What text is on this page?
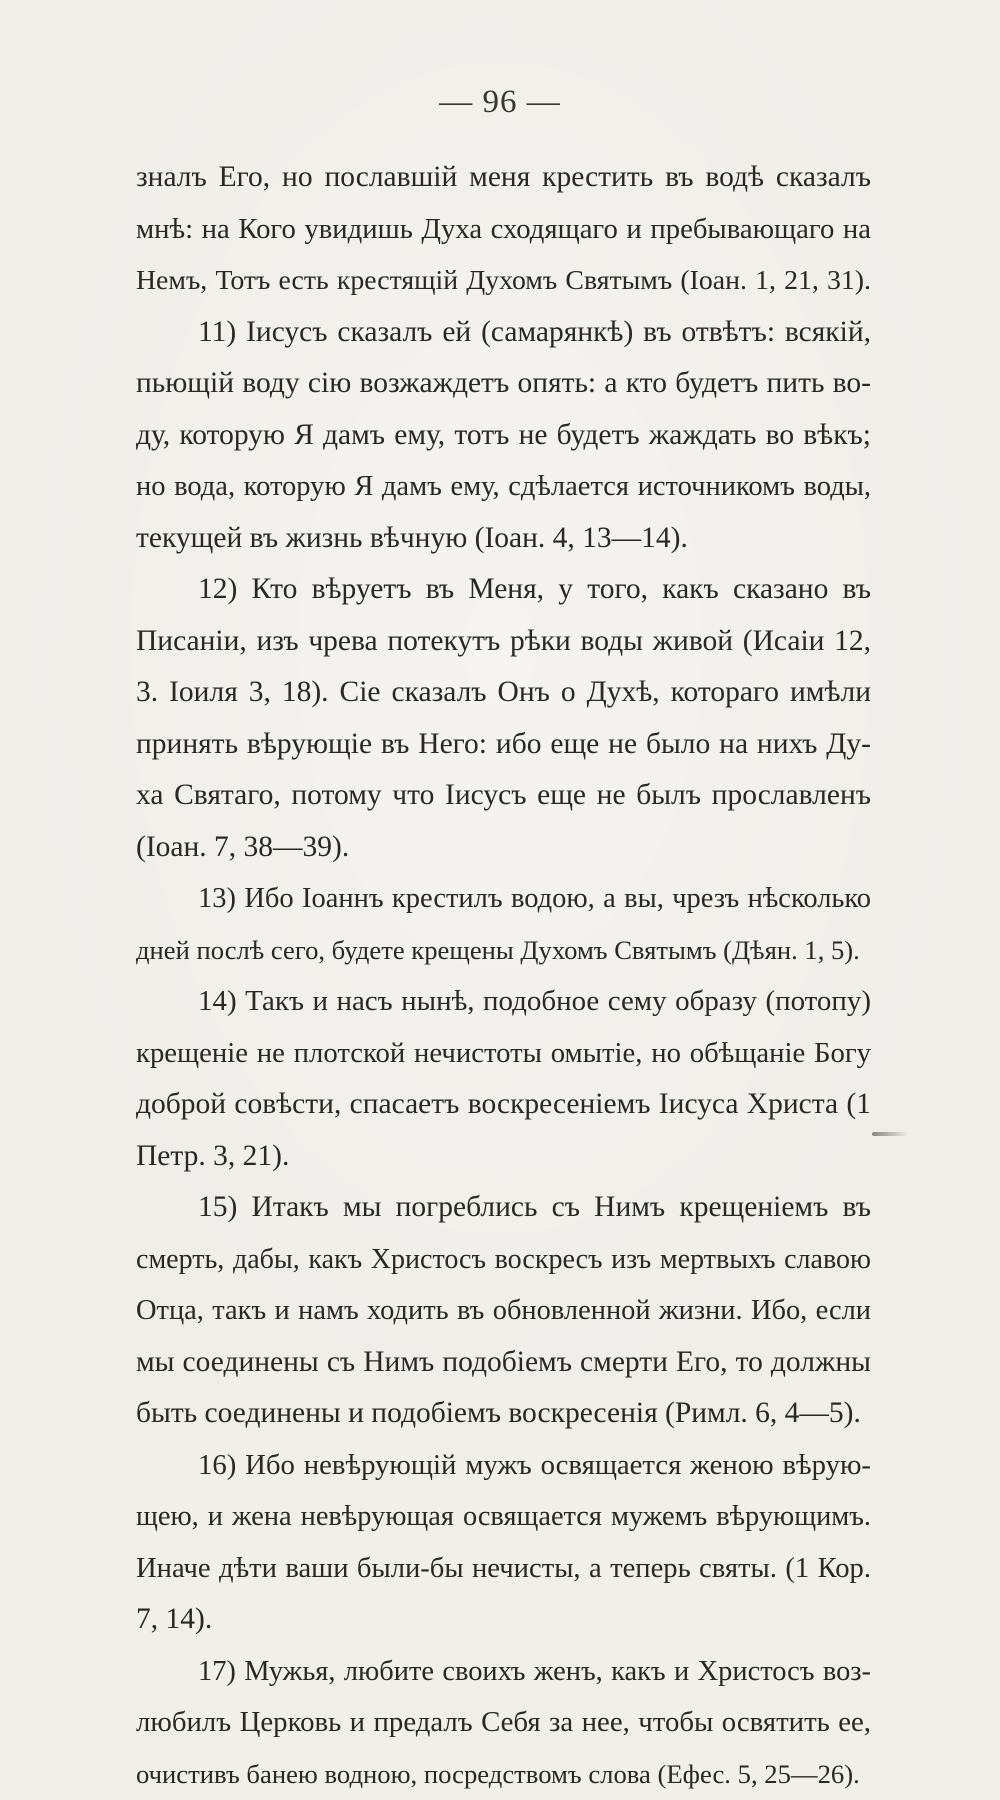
— 96 —
зналъ Его, но пославшій меня крестить въ водѣ сказалъ
мнѣ: на Кого увидишь Духа сходящаго и пребывающаго на
Немъ, Тотъ есть крестящій Духомъ Святымъ (Іоан. 1, 21, 31).
11) Іисусъ сказалъ ей (самарянкѣ) въ отвѣтъ: всякій,
пьющій воду сію возжаждетъ опять: а кто будетъ пить во-
ду, которую Я дамъ ему, тотъ не будетъ жаждать во вѣкъ;
но вода, которую Я дамъ ему, сдѣлается источникомъ воды,
текущей въ жизнь вѣчную (Іоан. 4, 13—14).
12) Кто вѣруетъ въ Меня, у того, какъ сказано въ
Писаніи, изъ чрева потекутъ рѣки воды живой (Исаіи 12,
3. Іоиля 3, 18). Сіе сказалъ Онъ о Духѣ, котораго имѣли
принять вѣрующіе въ Него: ибо еще не было на нихъ Ду-
ха Святаго, потому что Іисусъ еще не былъ прославленъ
(Іоан. 7, 38—39).
13) Ибо Іоаннъ крестилъ водою, а вы, чрезъ нѣсколько
дней послѣ сего, будете крещены Духомъ Святымъ (Дѣян. 1, 5).
14) Такъ и насъ нынѣ, подобное сему образу (потопу)
крещеніе не плотской нечистоты омытіе, но обѣщаніе Богу
доброй совѣсти, спасаетъ воскресеніемъ Іисуса Христа (1
Петр. 3, 21).
15) Итакъ мы погреблись съ Нимъ крещеніемъ въ
смерть, дабы, какъ Христосъ воскресъ изъ мертвыхъ славою
Отца, такъ и намъ ходить въ обновленной жизни. Ибо, если
мы соединены съ Нимъ подобіемъ смерти Его, то должны
быть соединены и подобіемъ воскресенія (Римл. 6, 4—5).
16) Ибо невѣрующій мужъ освящается женою вѣрую-
щею, и жена невѣрующая освящается мужемъ вѣрующимъ.
Иначе дѣти ваши были-бы нечисты, а теперь святы. (1 Кор.
7, 14).
17) Мужья, любите своихъ женъ, какъ и Христосъ воз-
любилъ Церковь и предалъ Себя за нее, чтобы освятить ее,
очистивъ банею водною, посредствомъ слова (Ефес. 5, 25—26).
